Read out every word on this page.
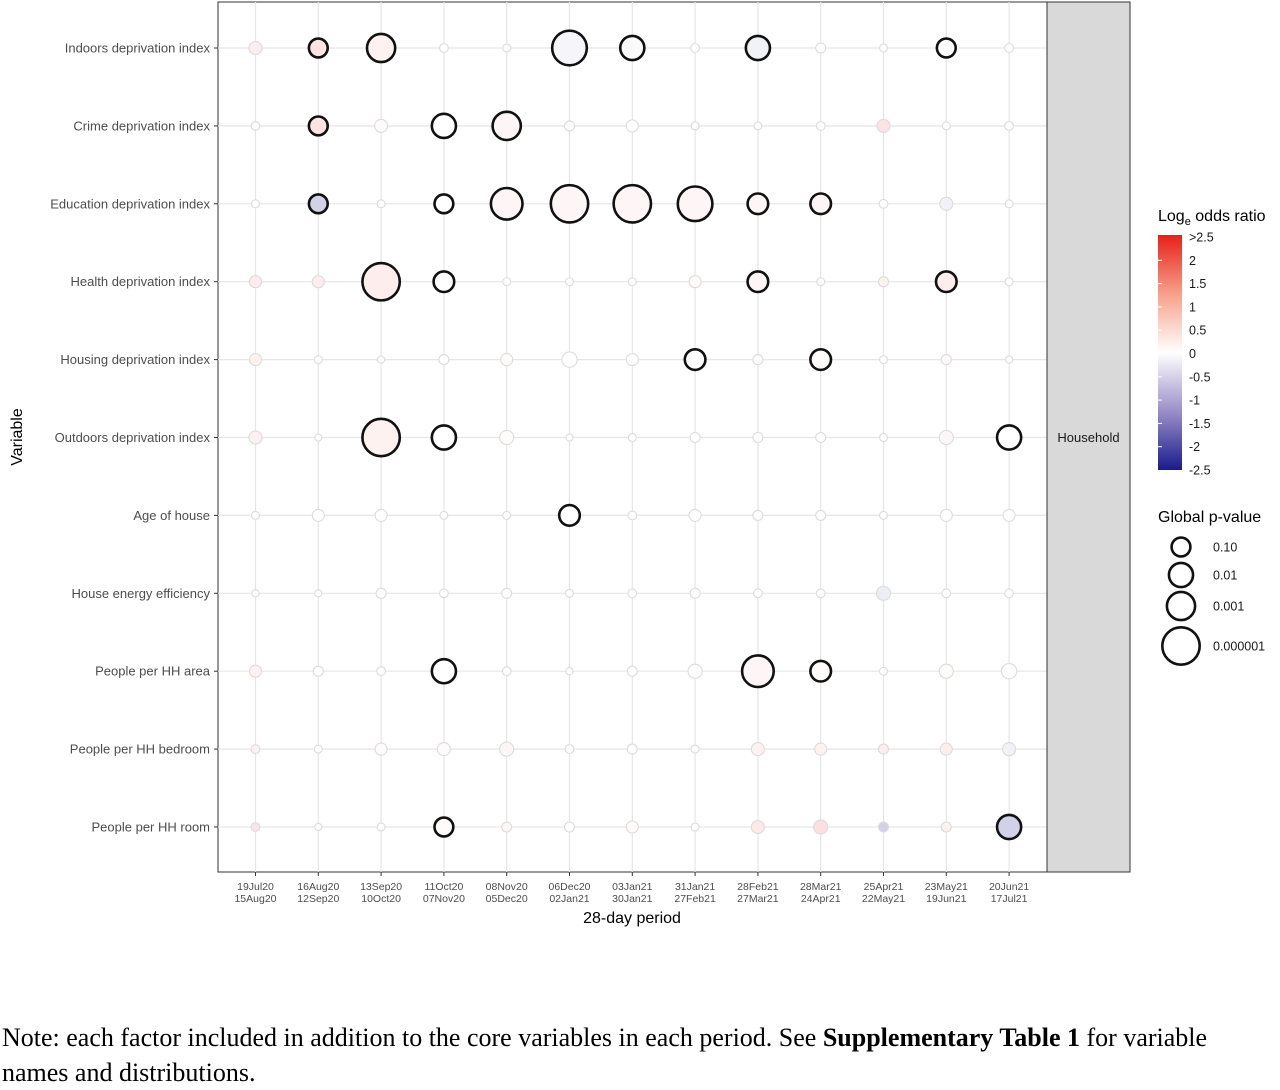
Indoors deprivation index
Crime deprivation index
Education deprivation index
Health deprivation index
Housing deprivation index
Outdoors deprivation index
Age of house
House energy efficiency
People per HH area
People per HH bedroom
People per HH room
19Jul20 15Aug20
16Aug20 12Sep20
13Sep20 10Oct20
11Oct20 07Nov20
08Nov20 05Dec20
06Dec20 02Jan21
03Jan21 30Jan21
31Jan21 27Feb21
28Feb21 27Mar21
28Mar21 24Apr21
25Apr21 22May21
23May21 19Jun21
20Jun21 17Jul21
Household
28-day period
Variable
Log$_e$ odds ratio
>2.5
2
1.5
1
0.5
0
-0.5
-1
-1.5
-2
-2.5
Global p-value
0.10
0.01
0.001
0.000001
Note: each factor included in addition to the core variables in each period. See Supplementary Table 1 for variable names and distributions.
